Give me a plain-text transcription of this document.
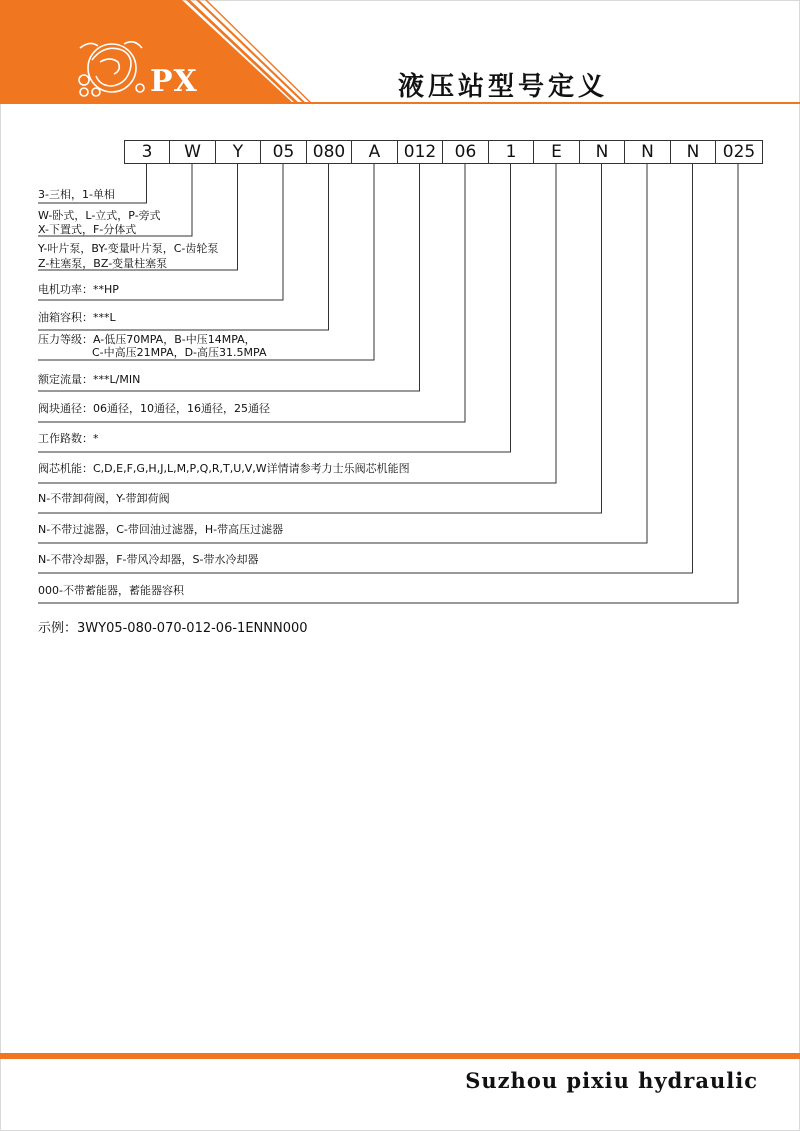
PX	液压站型号定义
3	W	Y	05	080	A	012	06	1	E	N	N	N	025
3-三相，1-单相
W-卧式，L-立式，P-旁式
X-下置式，F-分体式
Y-叶片泵，BY-变量叶片泵，C-齿轮泵
Z-柱塞泵，BZ-变量柱塞泵
电机功率：**HP
油箱容积：***L
压力等级：A-低压70MPA，B-中压14MPA，
C-中高压21MPA，D-高压31.5MPA
额定流量：***L/MIN
阀块通径：06通径，10通径，16通径，25通径
工作路数：*
阀芯机能：C,D,E,F,G,H,J,L,M,P,Q,R,T,U,V,W详情请参考力士乐阀芯机能图
N-不带卸荷阀，Y-带卸荷阀
N-不带过滤器，C-带回油过滤器，H-带高压过滤器
N-不带冷却器，F-带风冷却器，S-带水冷却器
000-不带蓄能器，蓄能器容积
示例：3WY05-080-070-012-06-1ENNN000
Suzhou pixiu hydraulic
